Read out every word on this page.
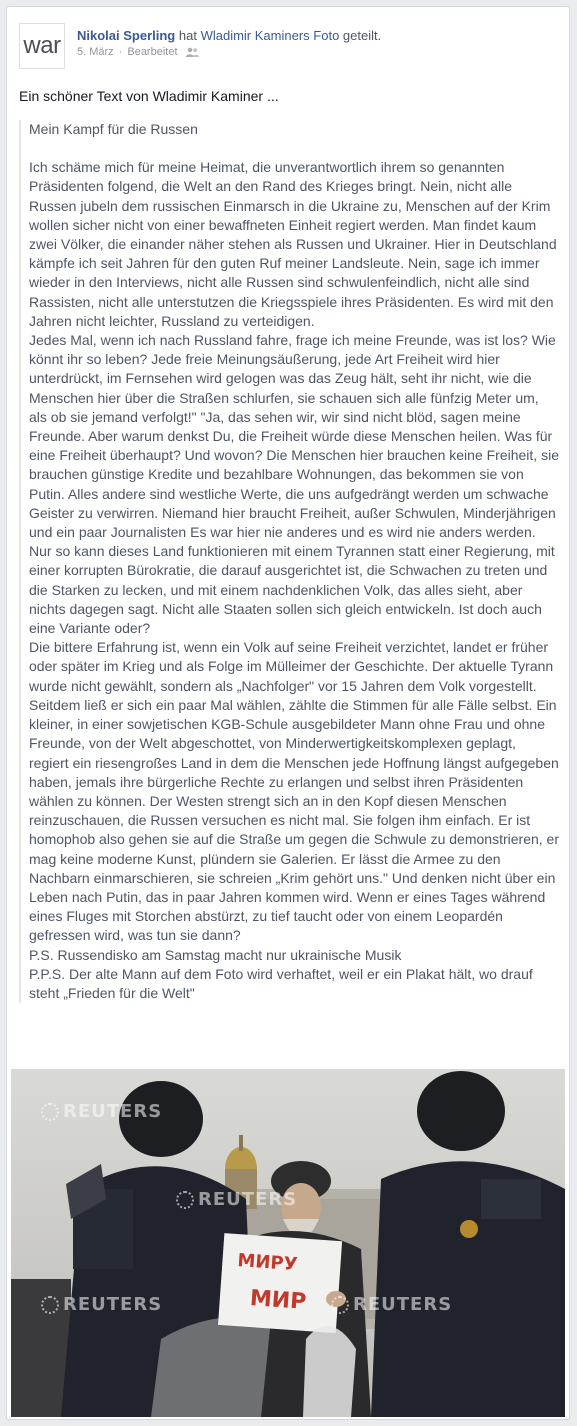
war	Nikolai Sperling hat Wladimir Kaminers Foto geteilt.
5. März · Bearbeitet
Ein schöner Text von Wladimir Kaminer ...
Mein Kampf für die Russen
Ich schäme mich für meine Heimat, die unverantwortlich ihrem so genannten Präsidenten folgend, die Welt an den Rand des Krieges bringt. Nein, nicht alle Russen jubeln dem russischen Einmarsch in die Ukraine zu, Menschen auf der Krim wollen sicher nicht von einer bewaffneten Einheit regiert werden. Man findet kaum zwei Völker, die einander näher stehen als Russen und Ukrainer. Hier in Deutschland kämpfe ich seit Jahren für den guten Ruf meiner Landsleute. Nein, sage ich immer wieder in den Interviews, nicht alle Russen sind schwulenfeindlich, nicht alle sind Rassisten, nicht alle unterstutzen die Kriegsspiele ihres Präsidenten. Es wird mit den Jahren nicht leichter, Russland zu verteidigen.
Jedes Mal, wenn ich nach Russland fahre, frage ich meine Freunde, was ist los? Wie könnt ihr so leben? Jede freie Meinungsäußerung, jede Art Freiheit wird hier unterdrückt, im Fernsehen wird gelogen was das Zeug hält, seht ihr nicht, wie die Menschen hier über die Straßen schlurfen, sie schauen sich alle fünfzig Meter um, als ob sie jemand verfolgt!" "Ja, das sehen wir, wir sind nicht blöd, sagen meine Freunde. Aber warum denkst Du, die Freiheit würde diese Menschen heilen. Was für eine Freiheit überhaupt? Und wovon? Die Menschen hier brauchen keine Freiheit, sie brauchen günstige Kredite und bezahlbare Wohnungen, das bekommen sie von Putin. Alles andere sind westliche Werte, die uns aufgedrängt werden um schwache Geister zu verwirren. Niemand hier braucht Freiheit, außer Schwulen, Minderjährigen und ein paar Journalisten Es war hier nie anderes und es wird nie anders werden. Nur so kann dieses Land funktionieren mit einem Tyrannen statt einer Regierung, mit einer korrupten Bürokratie, die darauf ausgerichtet ist, die Schwachen zu treten und die Starken zu lecken, und mit einem nachdenklichen Volk, das alles sieht, aber nichts dagegen sagt. Nicht alle Staaten sollen sich gleich entwickeln. Ist doch auch eine Variante oder?
Die bittere Erfahrung ist, wenn ein Volk auf seine Freiheit verzichtet, landet er früher oder später im Krieg und als Folge im Mülleimer der Geschichte. Der aktuelle Tyrann wurde nicht gewählt, sondern als „Nachfolger" vor 15 Jahren dem Volk vorgestellt. Seitdem ließ er sich ein paar Mal wählen, zählte die Stimmen für alle Fälle selbst. Ein kleiner, in einer sowjetischen KGB-Schule ausgebildeter Mann ohne Frau und ohne Freunde, von der Welt abgeschottet, von Minderwertigkeitskomplexen geplagt, regiert ein riesengroßes Land in dem die Menschen jede Hoffnung längst aufgegeben haben, jemals ihre bürgerliche Rechte zu erlangen und selbst ihren Präsidenten wählen zu können. Der Westen strengt sich an in den Kopf diesen Menschen reinzuschauen, die Russen versuchen es nicht mal. Sie folgen ihm einfach. Er ist homophob also gehen sie auf die Straße um gegen die Schwule zu demonstrieren, er mag keine moderne Kunst, plündern sie Galerien. Er lässt die Armee zu den Nachbarn einmarschieren, sie schreien „Krim gehört uns." Und denken nicht über ein Leben nach Putin, das in paar Jahren kommen wird. Wenn er eines Tages während eines Fluges mit Storchen abstürzt, zu tief taucht oder von einem Leopardén gefressen wird, was tun sie dann?
P.S. Russendisko am Samstag macht nur ukrainische Musik
P.P.S. Der alte Mann auf dem Foto wird verhaftet, weil er ein Plakat hält, wo drauf steht „Frieden für die Welt"
МИРУ
МИР
REUTERS
REUTERS
REUTERS	REUTERS
